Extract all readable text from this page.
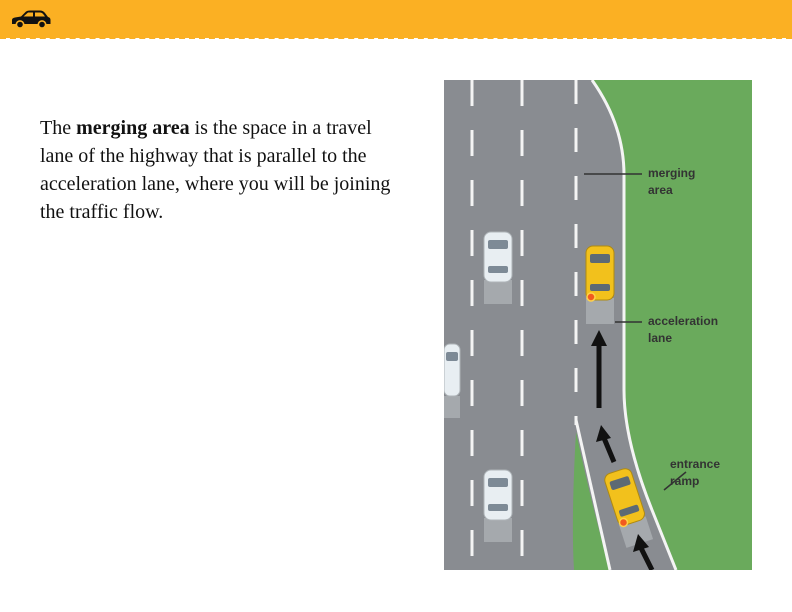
The merging area is the space in a travel lane of the highway that is parallel to the acceleration lane, where you will be joining the traffic flow.
merging
area
acceleration
lane
entrance
ramp
